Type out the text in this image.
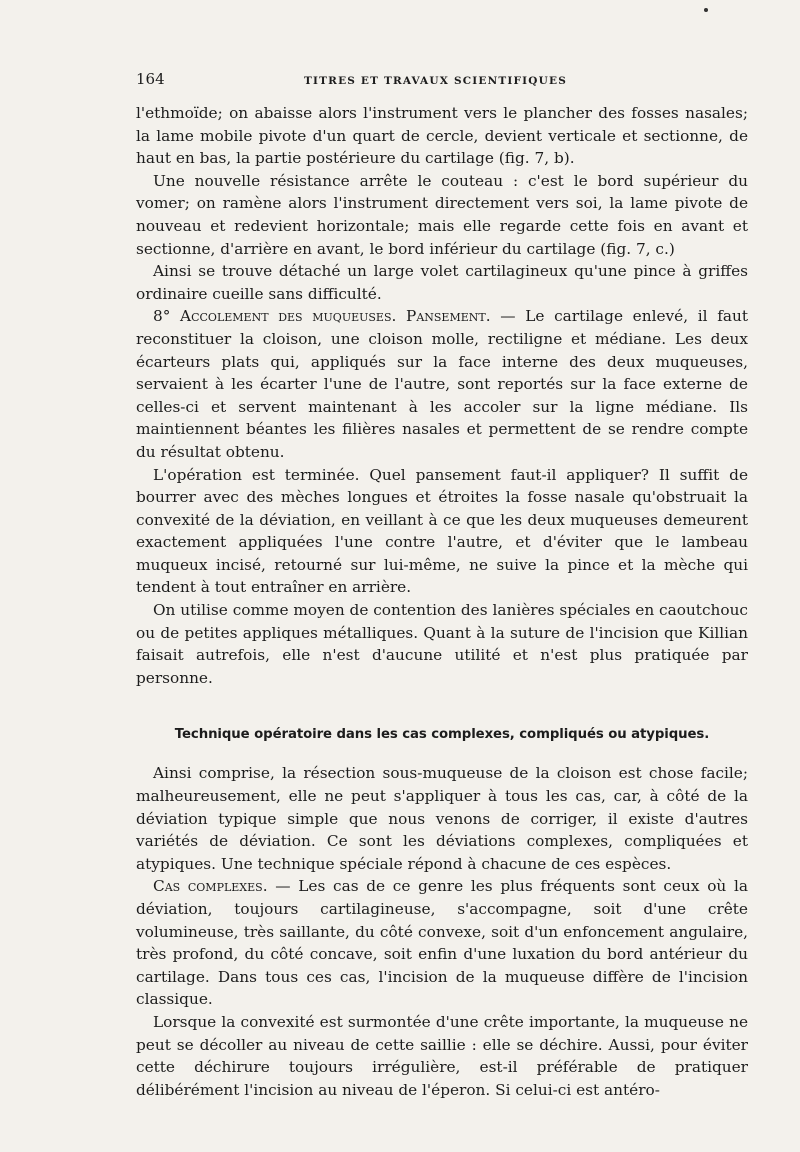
164	TITRES ET TRAVAUX SCIENTIFIQUES

l'ethmoïde; on abaisse alors l'instrument vers le plancher des fosses nasales; la lame mobile pivote d'un quart de cercle, devient verticale et sectionne, de haut en bas, la partie postérieure du cartilage (fig. 7, b).

Une nouvelle résistance arrête le couteau : c'est le bord supérieur du vomer; on ramène alors l'instrument directement vers soi, la lame pivote de nouveau et redevient horizontale; mais elle regarde cette fois en avant et sectionne, d'arrière en avant, le bord inférieur du cartilage (fig. 7, c.)

Ainsi se trouve détaché un large volet cartilagineux qu'une pince à griffes ordinaire cueille sans difficulté.

8° Accolement des muqueuses. Pansement. — Le cartilage enlevé, il faut reconstituer la cloison, une cloison molle, rectiligne et médiane. Les deux écarteurs plats qui, appliqués sur la face interne des deux muqueuses, servaient à les écarter l'une de l'autre, sont reportés sur la face externe de celles-ci et servent maintenant à les accoler sur la ligne médiane. Ils maintiennent béantes les filières nasales et permettent de se rendre compte du résultat obtenu.

L'opération est terminée. Quel pansement faut-il appliquer? Il suffit de bourrer avec des mèches longues et étroites la fosse nasale qu'obstruait la convexité de la déviation, en veillant à ce que les deux muqueuses demeurent exactement appliquées l'une contre l'autre, et d'éviter que le lambeau muqueux incisé, retourné sur lui-même, ne suive la pince et la mèche qui tendent à tout entraîner en arrière.

On utilise comme moyen de contention des lanières spéciales en caoutchouc ou de petites appliques métalliques. Quant à la suture de l'incision que Killian faisait autrefois, elle n'est d'aucune utilité et n'est plus pratiquée par personne.

Technique opératoire dans les cas complexes, compliqués ou atypiques.

Ainsi comprise, la résection sous-muqueuse de la cloison est chose facile; malheureusement, elle ne peut s'appliquer à tous les cas, car, à côté de la déviation typique simple que nous venons de corriger, il existe d'autres variétés de déviation. Ce sont les déviations complexes, compliquées et atypiques. Une technique spéciale répond à chacune de ces espèces.

Cas complexes. — Les cas de ce genre les plus fréquents sont ceux où la déviation, toujours cartilagineuse, s'accompagne, soit d'une crête volumineuse, très saillante, du côté convexe, soit d'un enfoncement angulaire, très profond, du côté concave, soit enfin d'une luxation du bord antérieur du cartilage. Dans tous ces cas, l'incision de la muqueuse diffère de l'incision classique.

Lorsque la convexité est surmontée d'une crête importante, la muqueuse ne peut se décoller au niveau de cette saillie : elle se déchire. Aussi, pour éviter cette déchirure toujours irrégulière, est-il préférable de pratiquer délibérément l'incision au niveau de l'éperon. Si celui-ci est antéro-
